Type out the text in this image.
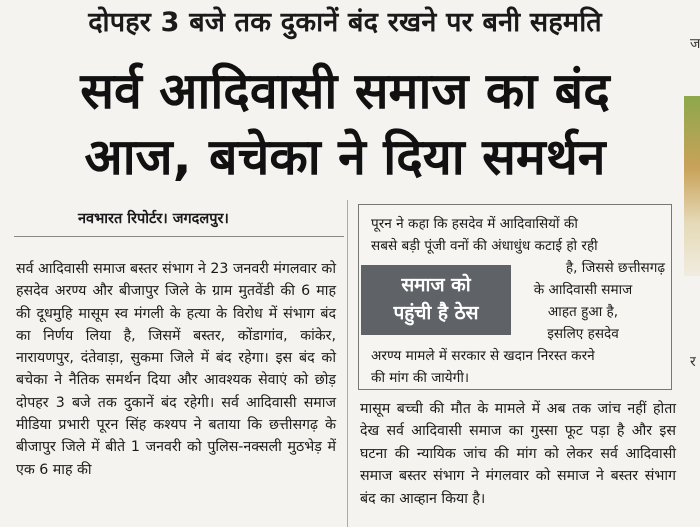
दोपहर 3 बजे तक दुकानें बंद रखने पर बनी सहमति
सर्व आदिवासी समाज का बंद
आज, बचेका ने दिया समर्थन
नवभारत रिपोर्टर। जगदलपुर।
सर्व आदिवासी समाज बस्तर संभाग ने 23 जनवरी मंगलवार को हसदेव अरण्य और बीजापुर जिले के ग्राम मुतवेंडी की 6 माह की दूधमुहि मासूम स्व मंगली के हत्या के विरोध में संभाग बंद का निर्णय लिया है, जिसमें बस्तर, कोंडागांव, कांकेर, नारायणपुर, दंतेवाड़ा, सुकमा जिले में बंद रहेगा। इस बंद को बचेका ने नैतिक समर्थन दिया और आवश्यक सेवाएं को छोड़ दोपहर 3 बजे तक दुकानें बंद रहेगी। सर्व आदिवासी समाज मीडिया प्रभारी पूरन सिंह कश्यप ने बताया कि छत्तीसगढ़ के बीजापुर जिले में बीते 1 जनवरी को पुलिस-नक्सली मुठभेड़ में एक 6 माह की
पूरन ने कहा कि हसदेव में आदिवासियों की
सबसे बड़ी पूंजी वनों की अंधाधुंध कटाई हो रही
है, जिससे छत्तीसगढ़
के आदिवासी समाज
आहत हुआ है,
इसलिए हसदेव
अरण्य मामले में सरकार से खदान निरस्त करने
की मांग की जायेगी।
समाज को
पहुंची है ठेस
मासूम बच्ची की मौत के मामले में अब तक जांच नहीं होता देख सर्व आदिवासी समाज का गुस्सा फूट पड़ा है और इस घटना की न्यायिक जांच की मांग को लेकर सर्व आदिवासी समाज बस्तर संभाग ने मंगलवार को समाज ने बस्तर संभाग बंद का आव्हान किया है।
ज
र
